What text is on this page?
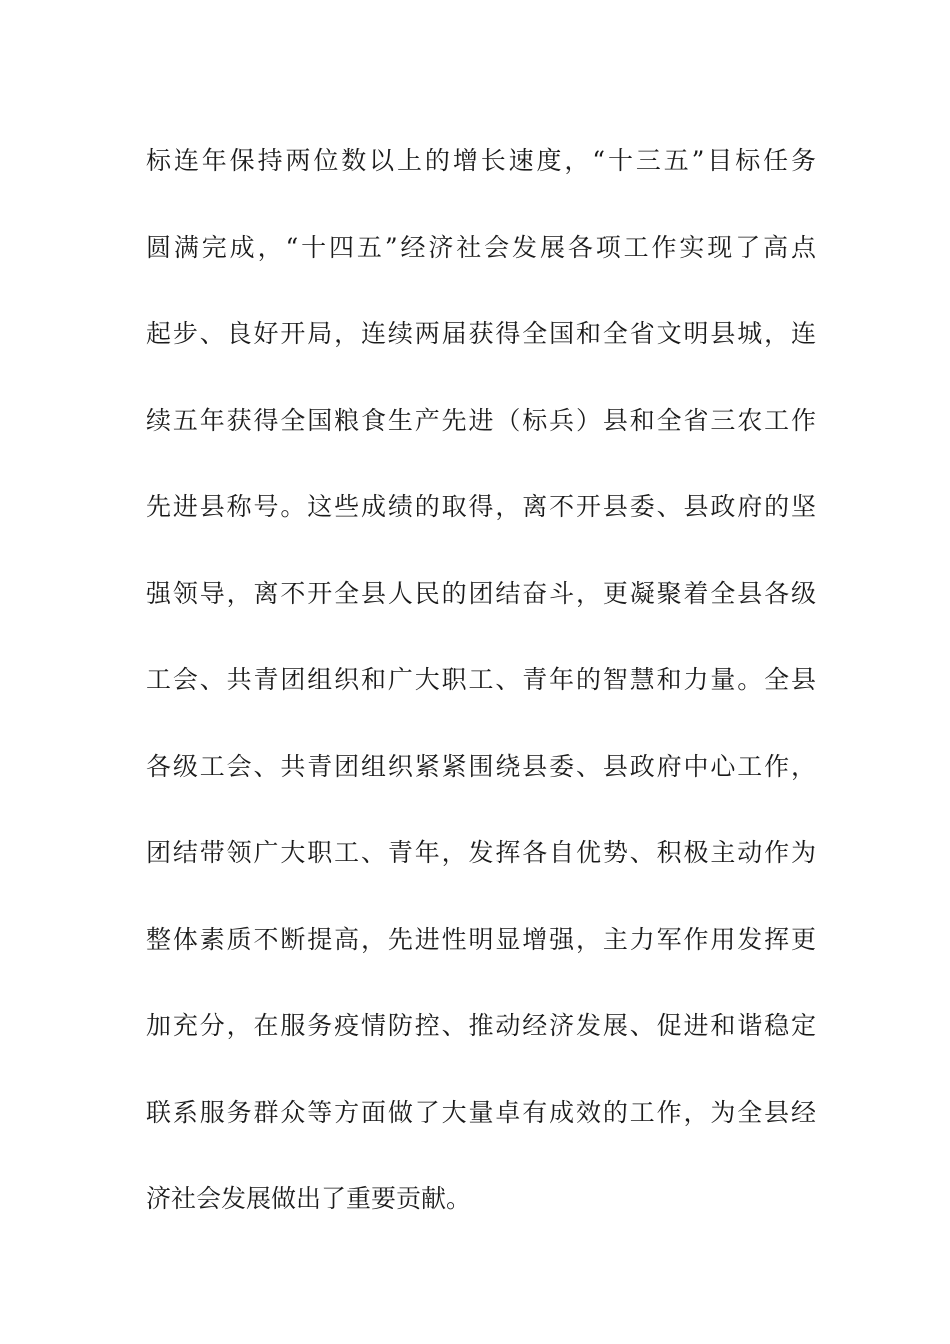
标连年保持两位数以上的增长速度，“十三五”目标任务
圆满完成，“十四五”经济社会发展各项工作实现了高点
起步、良好开局，连续两届获得全国和全省文明县城，连
续五年获得全国粮食生产先进（标兵）县和全省三农工作
先进县称号。这些成绩的取得，离不开县委、县政府的坚
强领导，离不开全县人民的团结奋斗，更凝聚着全县各级
工会、共青团组织和广大职工、青年的智慧和力量。全县
各级工会、共青团组织紧紧围绕县委、县政府中心工作，
团结带领广大职工、青年，发挥各自优势、积极主动作为
整体素质不断提高，先进性明显增强，主力军作用发挥更
加充分，在服务疫情防控、推动经济发展、促进和谐稳定
联系服务群众等方面做了大量卓有成效的工作，为全县经
济社会发展做出了重要贡献。
